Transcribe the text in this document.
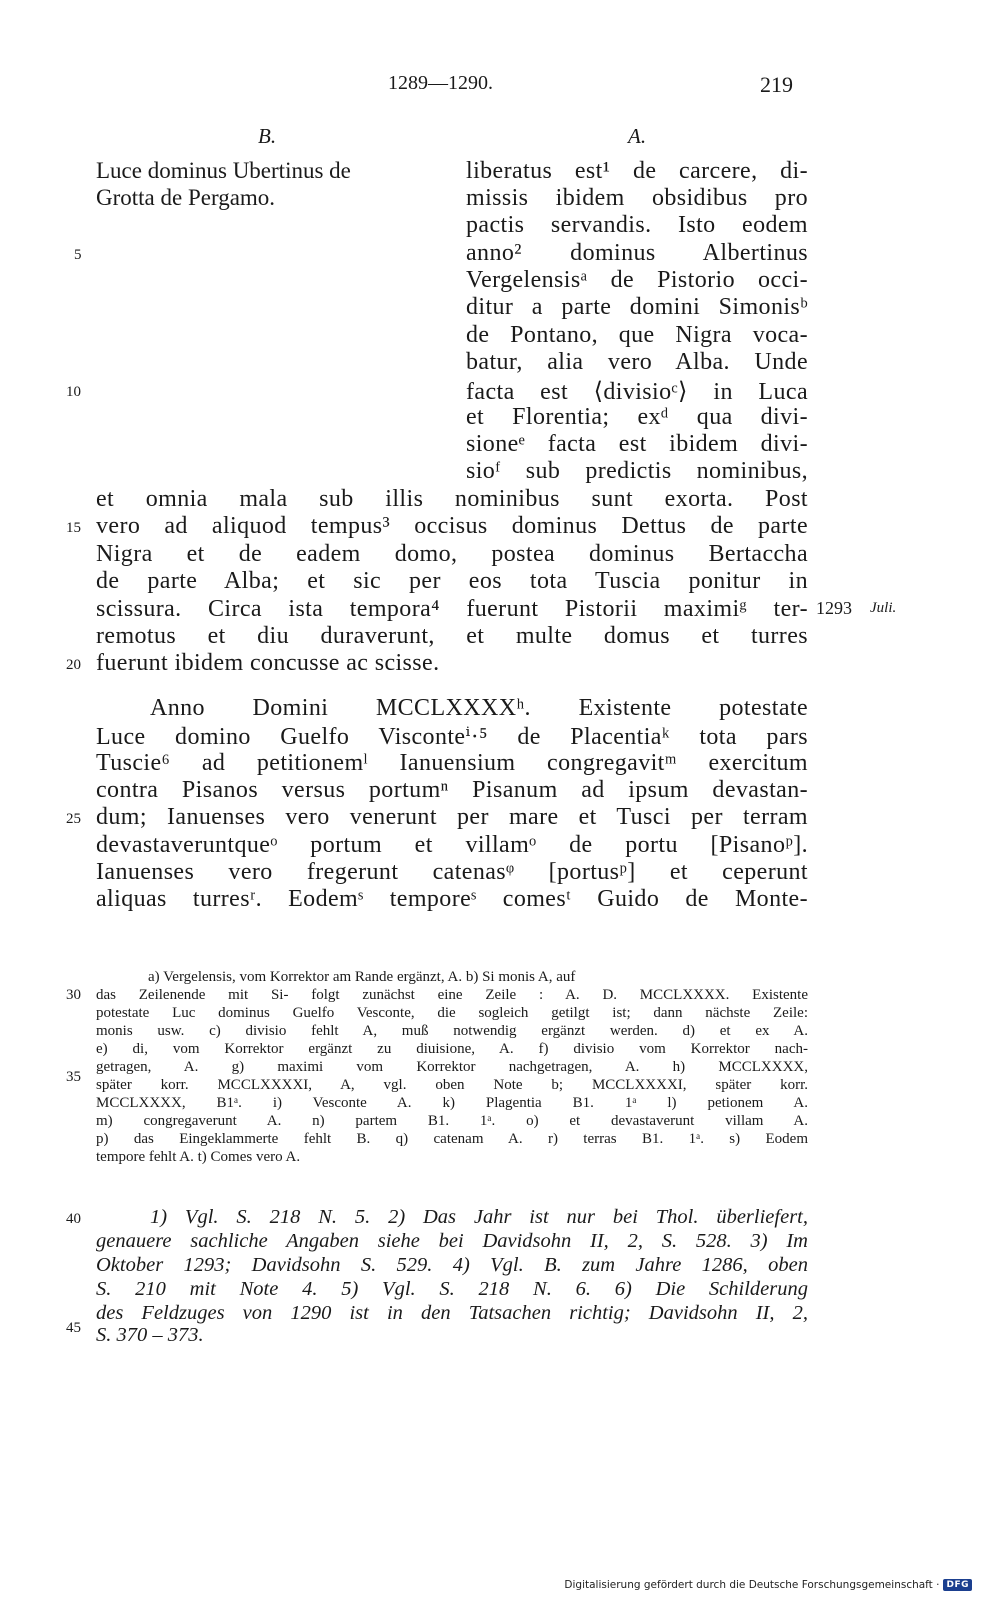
1289—1290.	219
B.	A.
Luce dominus Ubertinus de
Grotta de Pergamo.
liberatus est¹ de carcere, di-
missis ibidem obsidibus pro
pactis servandis. Isto eodem
anno² dominus Albertinus
Vergelensisᵃ de Pistorio occi-
ditur a parte domini Simonisᵇ
de Pontano, que Nigra voca-
batur, alia vero Alba. Unde
facta est ⟨divisioᶜ⟩ in Luca
et Florentia; exᵈ qua divi-
sioneᵉ facta est ibidem divi-
sioᶠ sub predictis nominibus,
et omnia mala sub illis nominibus sunt exorta. Post
vero ad aliquod tempus³ occisus dominus Dettus de parte
Nigra et de eadem domo, postea dominus Bertaccha
de parte Alba; et sic per eos tota Tuscia ponitur in
scissura. Circa ista tempora⁴ fuerunt Pistorii maximiᵍ ter-
remotus et diu duraverunt, et multe domus et turres
fuerunt ibidem concusse ac scisse.
1293 Juli.
Anno Domini MCCLXXXXʰ. Existente potestate
Luce domino Guelfo Visconteⁱ·⁵ de Placentiaᵏ tota pars
Tuscie⁶ ad petitionemˡ Ianuensium congregavitᵐ exercitum
contra Pisanos versus portumⁿ Pisanum ad ipsum devastan-
dum; Ianuenses vero venerunt per mare et Tusci per terram
devastaveruntqueᵒ portum et villamᵒ de portu [Pisanoᵖ].
Ianuenses vero fregerunt catenasᵠ [portusᵖ] et ceperunt
aliquas turresʳ. Eodemˢ temporeˢ comesᵗ Guido de Monte-
5
10
15
20
25
30
35
40
45
a) Vergelensis, vom Korrektor am Rande ergänzt, A. b) Si monis A, auf
das Zeilenende mit Si- folgt zunächst eine Zeile : A. D. MCCLXXXX. Existente
potestate Luc dominus Guelfo Vesconte, die sogleich getilgt ist; dann nächste Zeile:
monis usw. c) divisio fehlt A, muß notwendig ergänzt werden. d) et ex A.
e) di, vom Korrektor ergänzt zu diuisione, A. f) divisio vom Korrektor nach-
getragen, A. g) maximi vom Korrektor nachgetragen, A. h) MCCLXXXX,
später korr. MCCLXXXXI, A, vgl. oben Note b; MCCLXXXXI, später korr.
MCCLXXXX, B1ᵃ. i) Vesconte A. k) Plagentia B1. 1ᵃ l) petionem A.
m) congregaverunt A. n) partem B1. 1ᵃ. o) et devastaverunt villam A.
p) das Eingeklammerte fehlt B. q) catenam A. r) terras B1. 1ᵃ. s) Eodem
tempore fehlt A. t) Comes vero A.
1) Vgl. S. 218 N. 5. 2) Das Jahr ist nur bei Thol. überliefert,
genauere sachliche Angaben siehe bei Davidsohn II, 2, S. 528. 3) Im
Oktober 1293; Davidsohn S. 529. 4) Vgl. B. zum Jahre 1286, oben
S. 210 mit Note 4. 5) Vgl. S. 218 N. 6. 6) Die Schilderung
des Feldzuges von 1290 ist in den Tatsachen richtig; Davidsohn II, 2,
S. 370 – 373.
Digitalisierung gefördert durch die Deutsche Forschungsgemeinschaft · DFG
